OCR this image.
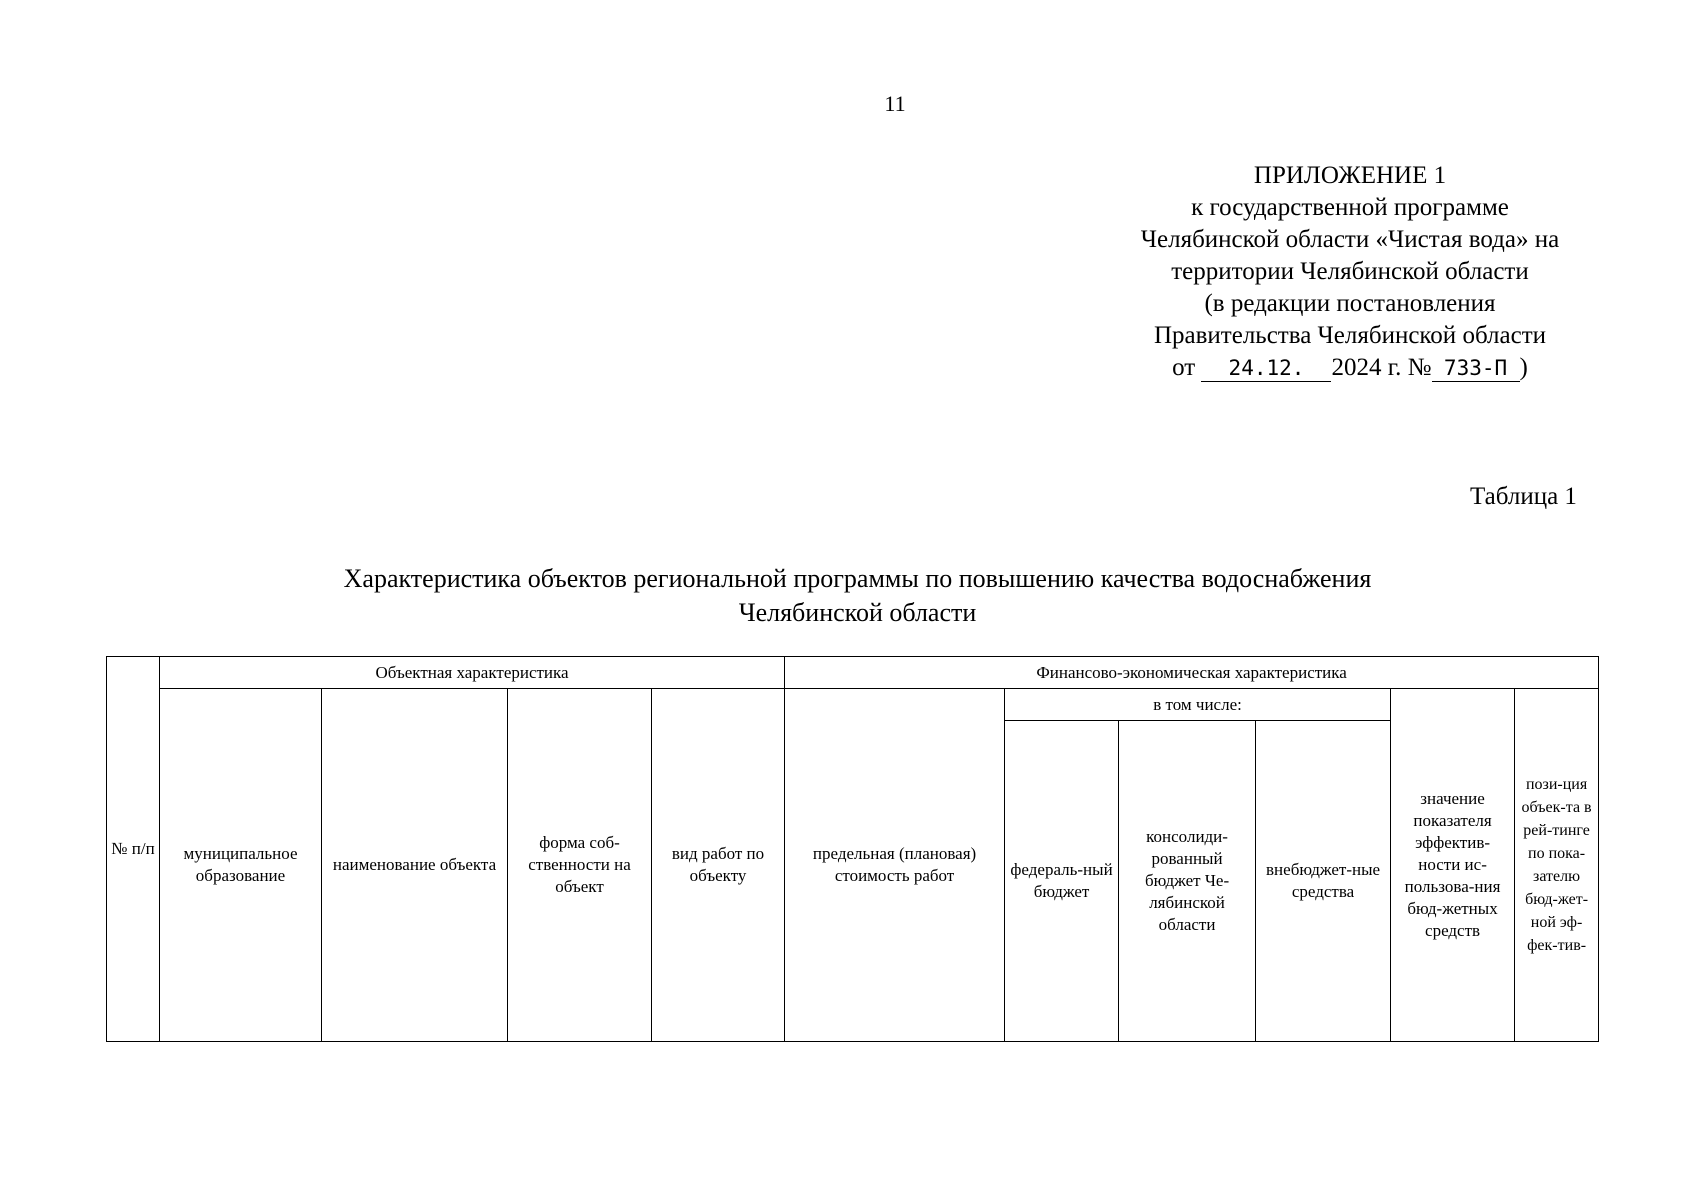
11
ПРИЛОЖЕНИЕ 1
к государственной программе
Челябинской области «Чистая вода» на
территории Челябинской области
(в редакции постановления
Правительства Челябинской области
от 24.12. 2024 г. № 733-П )
Таблица 1
Характеристика объектов региональной программы по повышению качества водоснабжения
Челябинской области
№ п/п	Объектная характеристика				Финансово-экономическая характеристика					
	муниципальное образование	наименование объекта	форма соб-ственности на объект	вид работ по объекту	предельная (плановая) стоимость работ	в том числе:			значение показателя эффектив-ности ис-пользова-ния бюд-жетных средств	пози-ция объек-та в рей-тинге по пока-зателю бюд-жет-ной эф-фек-тив-
						федераль-ный бюджет	консолиди-рованный бюджет Че-лябинской области	внебюджет-ные средства		
